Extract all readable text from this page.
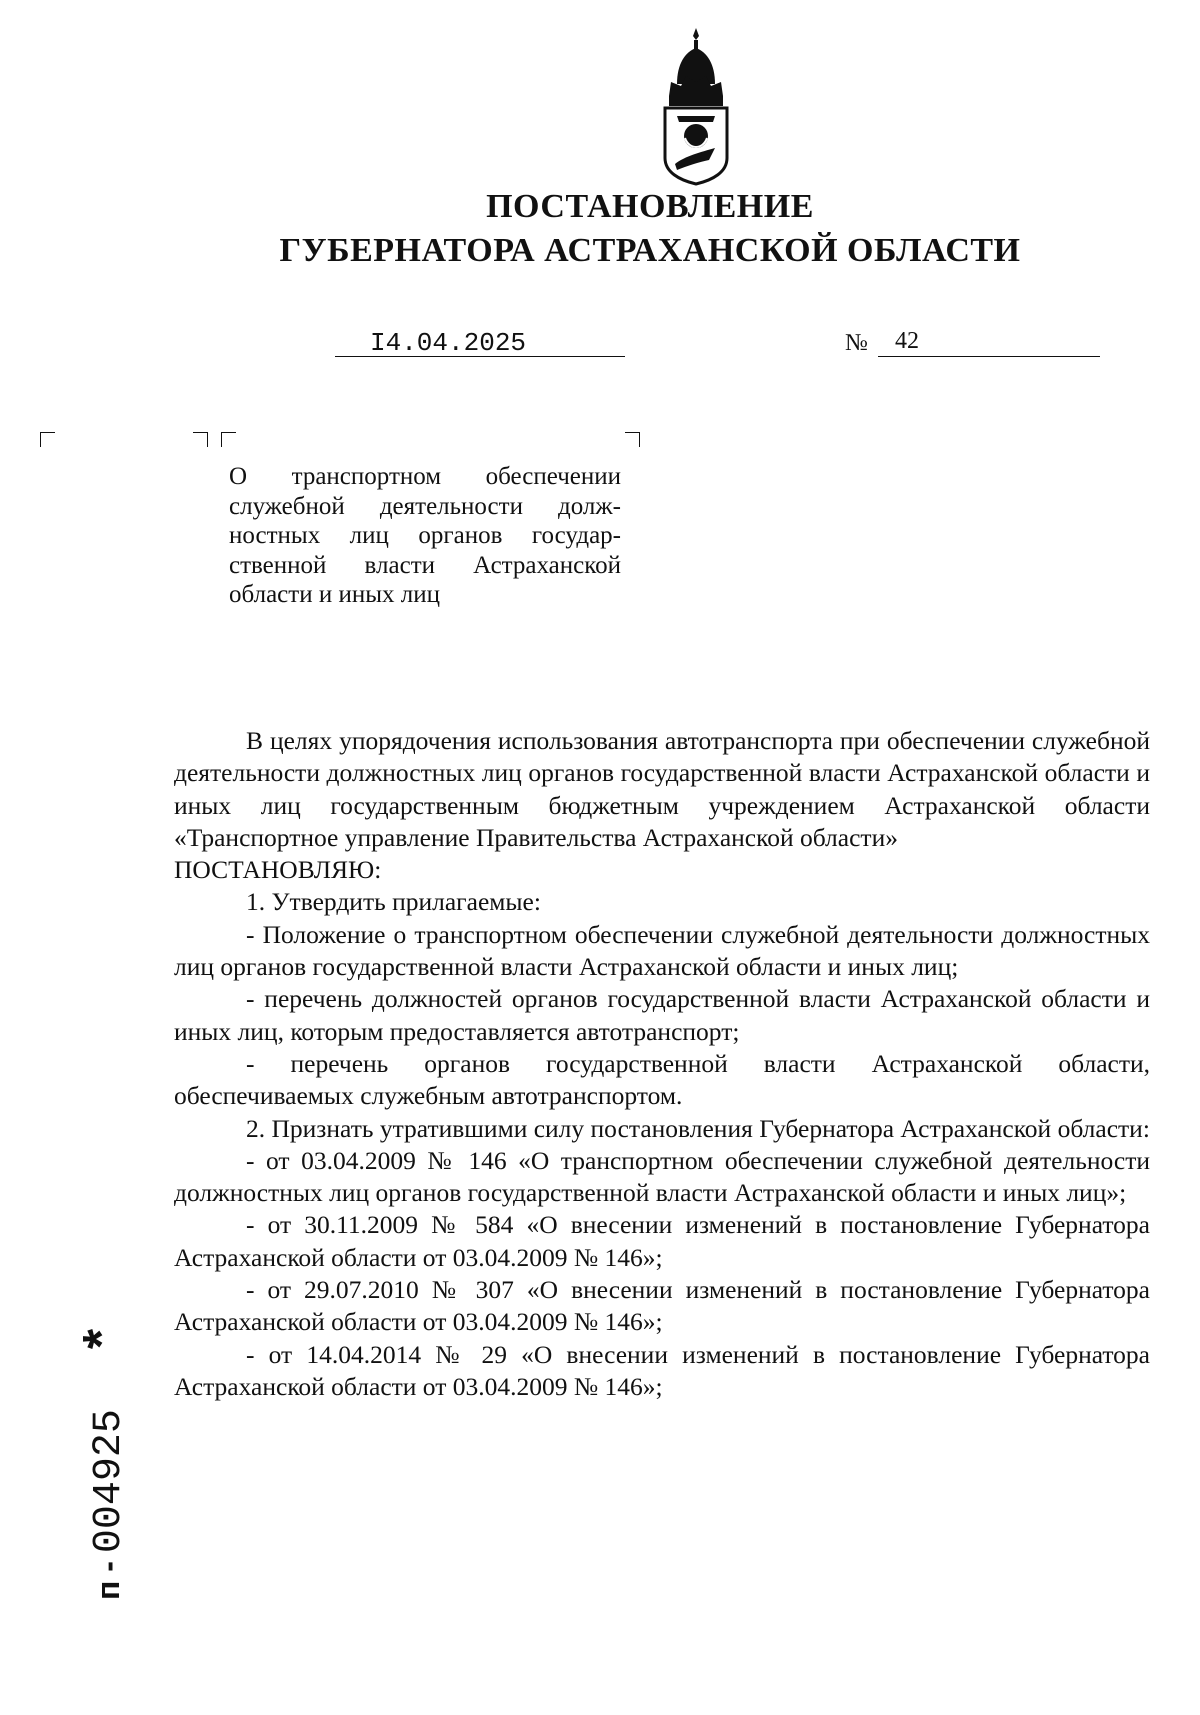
ПОСТАНОВЛЕНИЕ
ГУБЕРНАТОРА АСТРАХАНСКОЙ ОБЛАСТИ
I4.04.2025	№ 42

О транспортном обеспечении

служебной деятельности долж-

ностных лиц органов государ-

ственной власти Астраханской

области и иных лиц

В целях упорядочения использования автотранспорта при обеспечении служебной деятельности должностных лиц органов государственной власти Астраханской области и иных лиц государственным бюджетным учреждением Астраханской области «Транспортное управление Правительства Астраханской области»

ПОСТАНОВЛЯЮ:

1. Утвердить прилагаемые:

- Положение о транспортном обеспечении служебной деятельности должностных лиц органов государственной власти Астраханской области и иных лиц;

- перечень должностей органов государственной власти Астраханской области и иных лиц, которым предоставляется автотранспорт;

- перечень органов государственной власти Астраханской области, обеспечиваемых служебным автотранспортом.

2. Признать утратившими силу постановления Губернатора Астраханской области:

- от 03.04.2009 № 146 «О транспортном обеспечении служебной деятельности должностных лиц органов государственной власти Астраханской области и иных лиц»;

- от 30.11.2009 № 584 «О внесении изменений в постановление Губернатора Астраханской области от 03.04.2009 № 146»;

- от 29.07.2010 № 307 «О внесении изменений в постановление Губернатора Астраханской области от 03.04.2009 № 146»;

- от 14.04.2014 № 29 «О внесении изменений в постановление Губернатора Астраханской области от 03.04.2009 № 146»;

п -004925*
